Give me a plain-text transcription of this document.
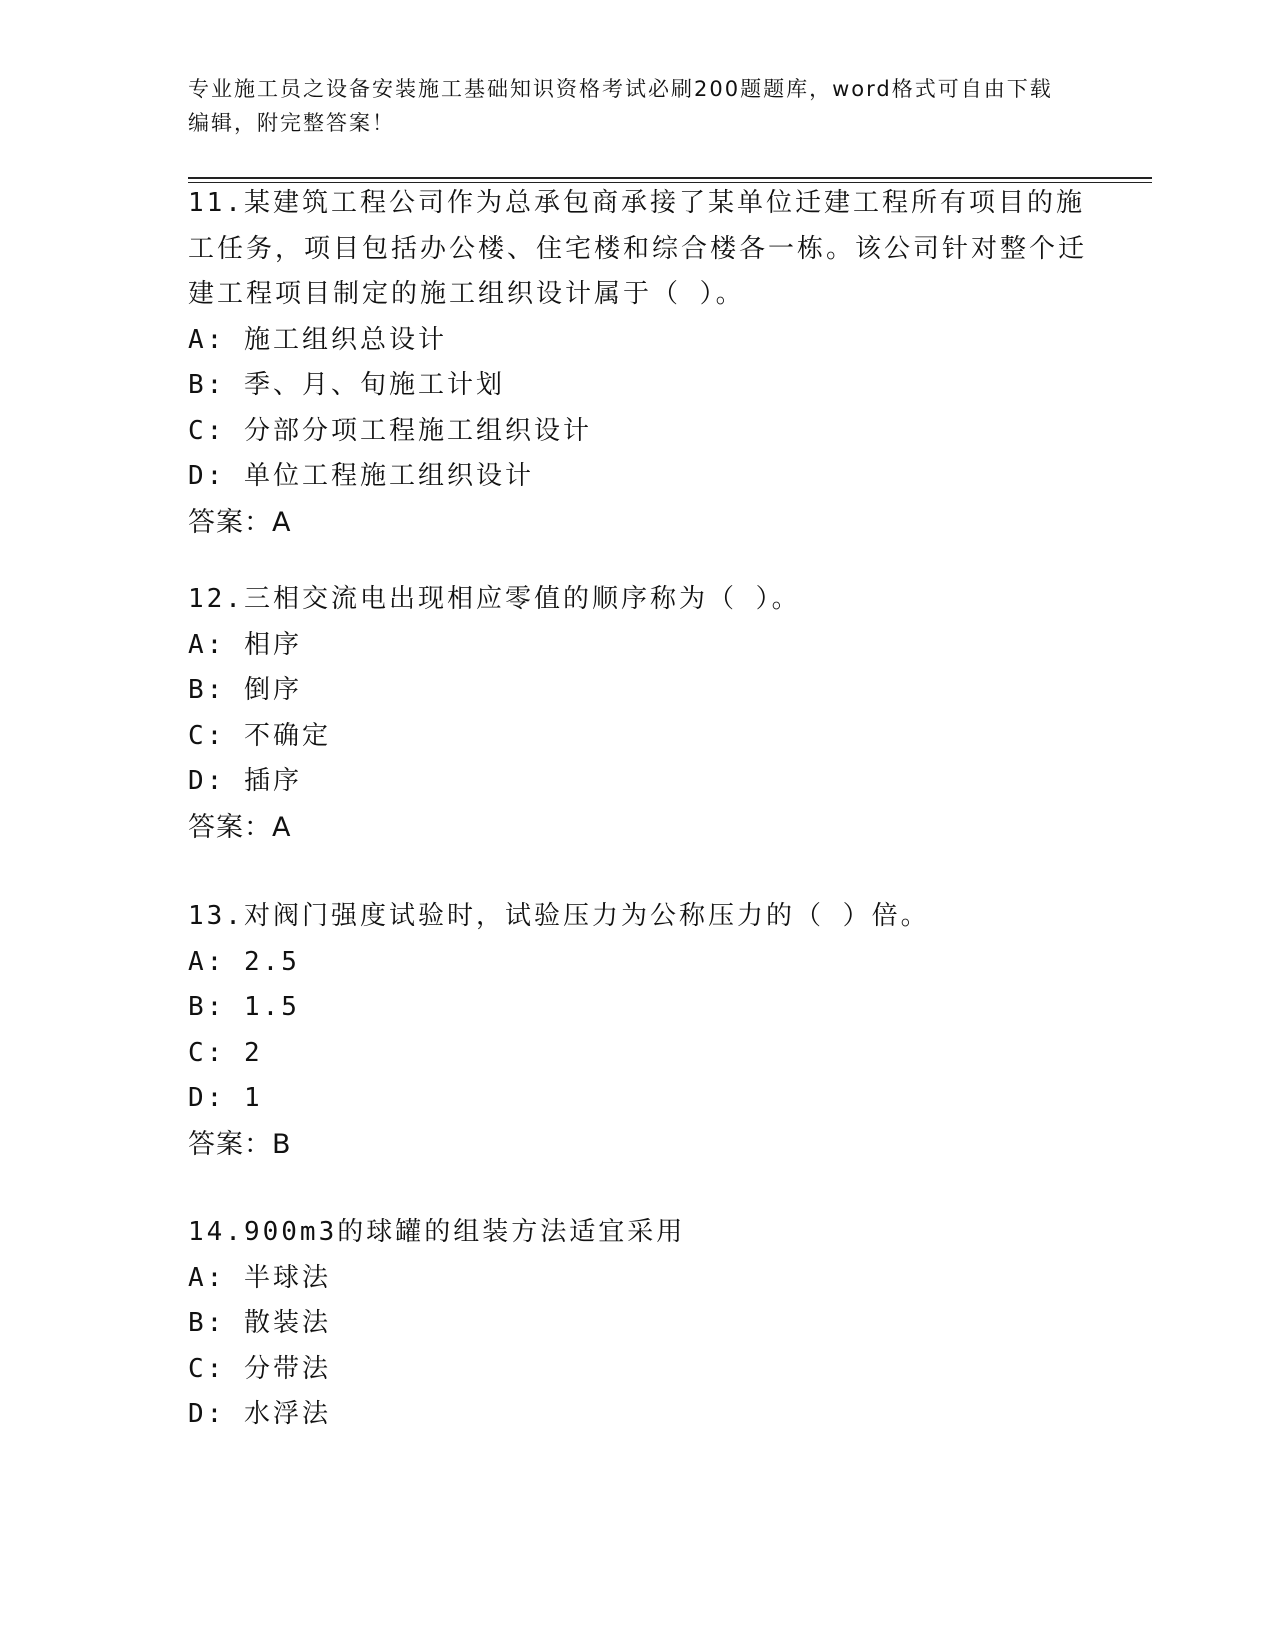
专业施工员之设备安装施工基础知识资格考试必刷200题题库，word格式可自由下载编辑，附完整答案！

11.某建筑工程公司作为总承包商承接了某单位迁建工程所有项目的施工任务，项目包括办公楼、住宅楼和综合楼各一栋。该公司针对整个迁建工程项目制定的施工组织设计属于（ ）。

A: 施工组织总设计

B: 季、月、旬施工计划

C: 分部分项工程施工组织设计

D: 单位工程施工组织设计

答案：A

12.三相交流电出现相应零值的顺序称为（ ）。

A: 相序

B: 倒序

C: 不确定

D: 插序

答案：A

13.对阀门强度试验时，试验压力为公称压力的（ ）倍。

A: 2.5

B: 1.5

C: 2

D: 1

答案：B

14.900m3的球罐的组装方法适宜采用

A: 半球法

B: 散装法

C: 分带法

D: 水浮法
